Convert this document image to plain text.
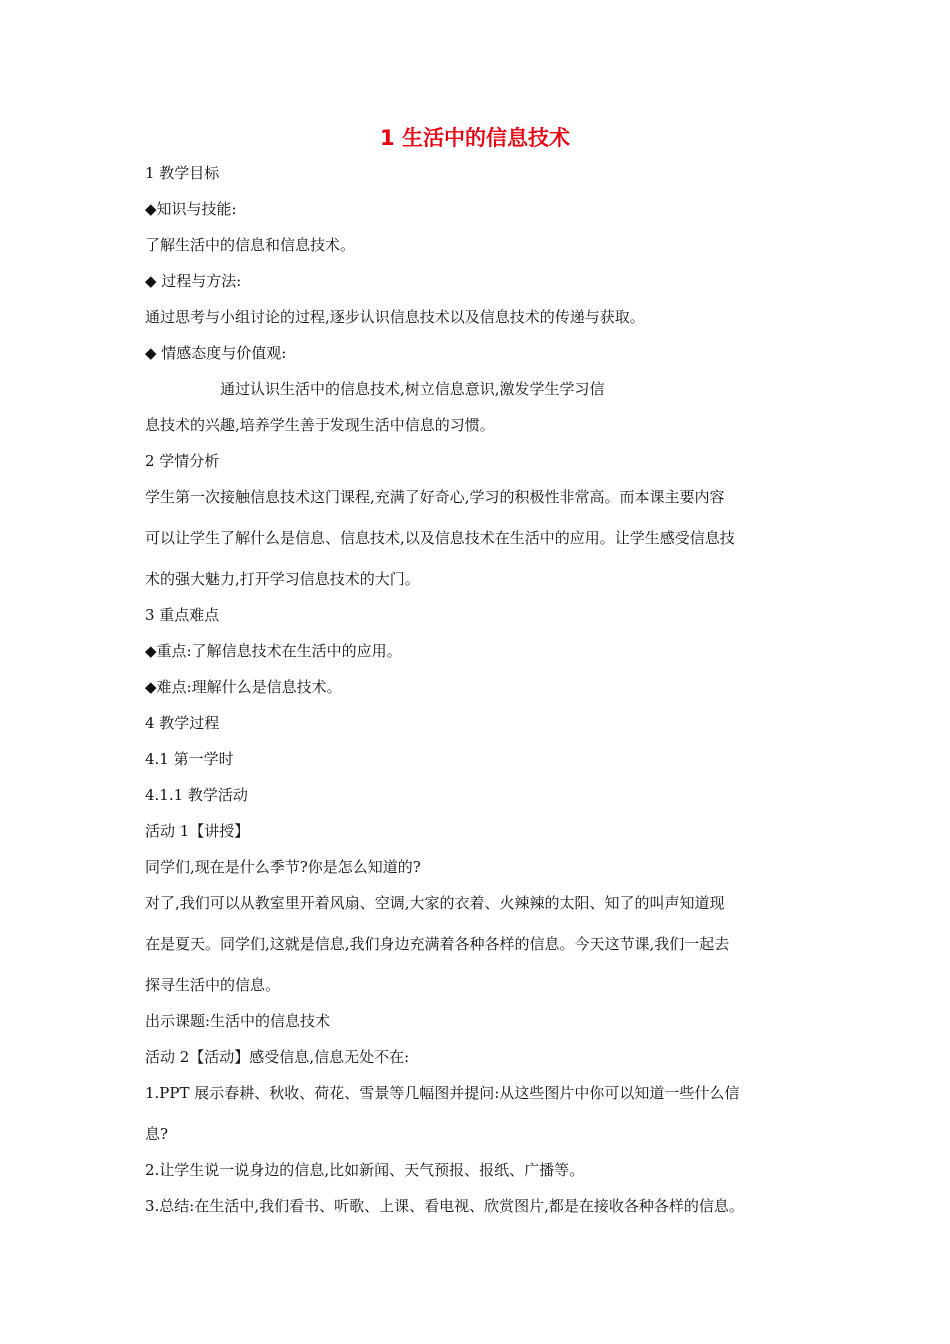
1 生活中的信息技术
1 教学目标
◆知识与技能:
了解生活中的信息和信息技术。
◆ 过程与方法:
通过思考与小组讨论的过程,逐步认识信息技术以及信息技术的传递与获取。
◆ 情感态度与价值观:
通过认识生活中的信息技术,树立信息意识,激发学生学习信
息技术的兴趣,培养学生善于发现生活中信息的习惯。
2 学情分析
学生第一次接触信息技术这门课程,充满了好奇心,学习的积极性非常高。而本课主要内容
可以让学生了解什么是信息、信息技术,以及信息技术在生活中的应用。让学生感受信息技
术的强大魅力,打开学习信息技术的大门。
3 重点难点
◆重点:了解信息技术在生活中的应用。
◆难点:理解什么是信息技术。
4 教学过程
4.1 第一学时
4.1.1 教学活动
活动 1【讲授】
同学们,现在是什么季节?你是怎么知道的?
对了,我们可以从教室里开着风扇、空调,大家的衣着、火辣辣的太阳、知了的叫声知道现
在是夏天。同学们,这就是信息,我们身边充满着各种各样的信息。今天这节课,我们一起去
探寻生活中的信息。
出示课题:生活中的信息技术
活动 2【活动】感受信息,信息无处不在:
1.PPT 展示春耕、秋收、荷花、雪景等几幅图并提问:从这些图片中你可以知道一些什么信
息?
2.让学生说一说身边的信息,比如新闻、天气预报、报纸、广播等。
3.总结:在生活中,我们看书、听歌、上课、看电视、欣赏图片,都是在接收各种各样的信息。
